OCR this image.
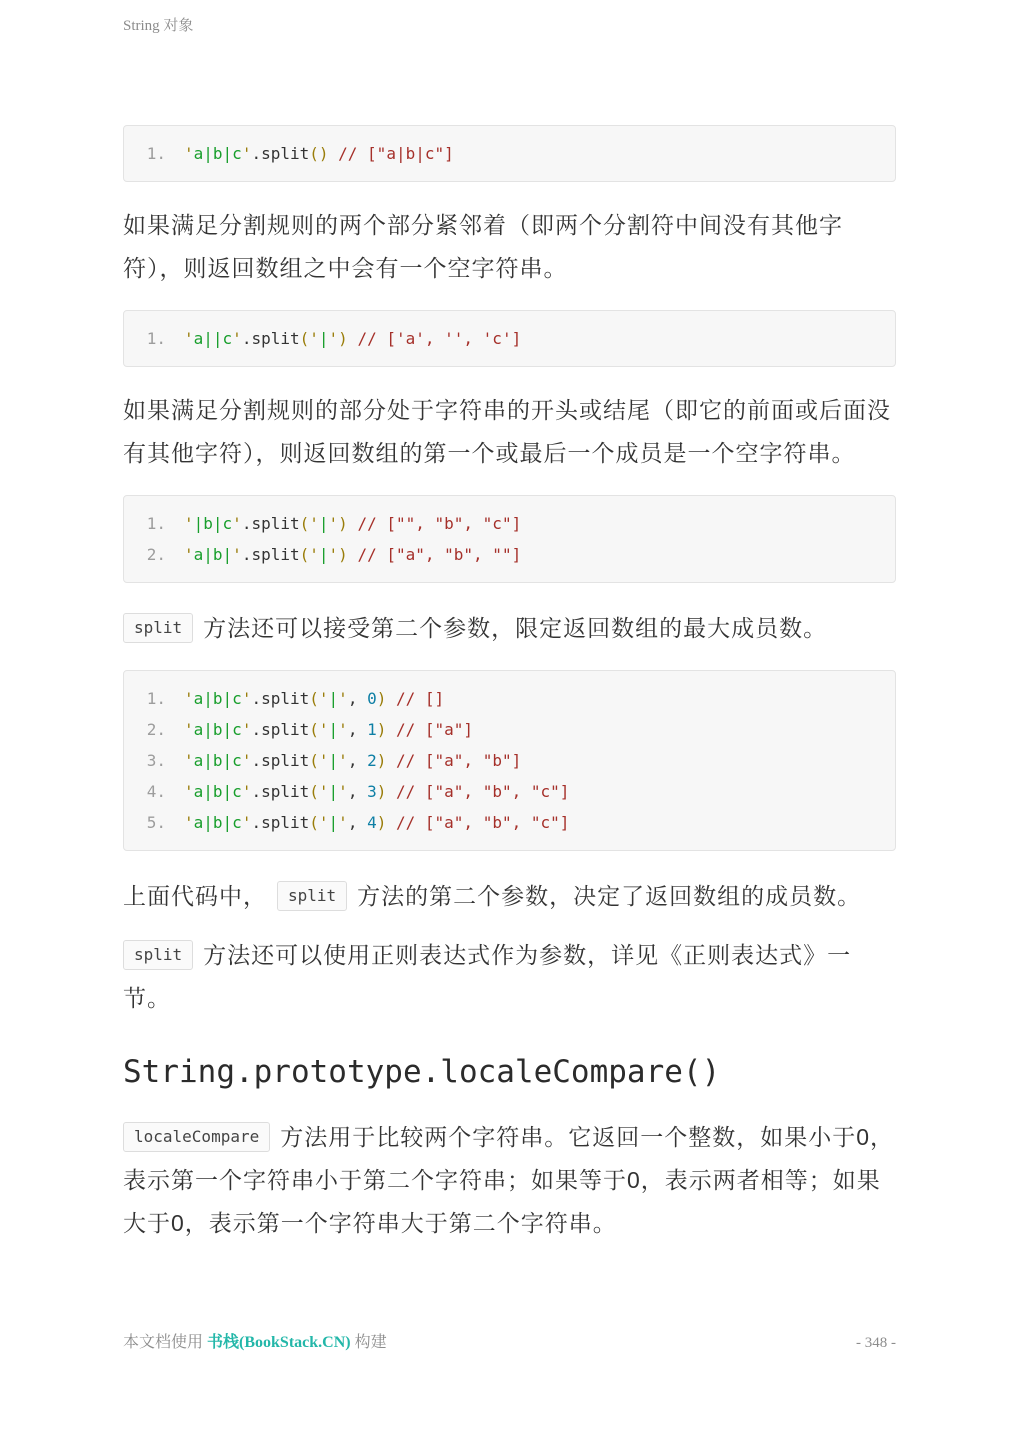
String 对象
1. 'a|b|c'.split() // ["a|b|c"]
如果满足分割规则的两个部分紧邻着（即两个分割符中间没有其他字符），则返回数组之中会有一个空字符串。
1. 'a||c'.split('|') // ['a', '', 'c']
如果满足分割规则的部分处于字符串的开头或结尾（即它的前面或后面没有其他字符），则返回数组的第一个或最后一个成员是一个空字符串。
1. '|b|c'.split('|') // ["", "b", "c"]
2. 'a|b|'.split('|') // ["a", "b", ""]
split 方法还可以接受第二个参数，限定返回数组的最大成员数。
1. 'a|b|c'.split('|', 0) // []
2. 'a|b|c'.split('|', 1) // ["a"]
3. 'a|b|c'.split('|', 2) // ["a", "b"]
4. 'a|b|c'.split('|', 3) // ["a", "b", "c"]
5. 'a|b|c'.split('|', 4) // ["a", "b", "c"]
上面代码中， split 方法的第二个参数，决定了返回数组的成员数。
split 方法还可以使用正则表达式作为参数，详见《正则表达式》一节。
String.prototype.localeCompare()
localeCompare 方法用于比较两个字符串。它返回一个整数，如果小于0，表示第一个字符串小于第二个字符串；如果等于0，表示两者相等；如果大于0，表示第一个字符串大于第二个字符串。
本文档使用 书栈(BookStack.CN) 构建	- 348 -
